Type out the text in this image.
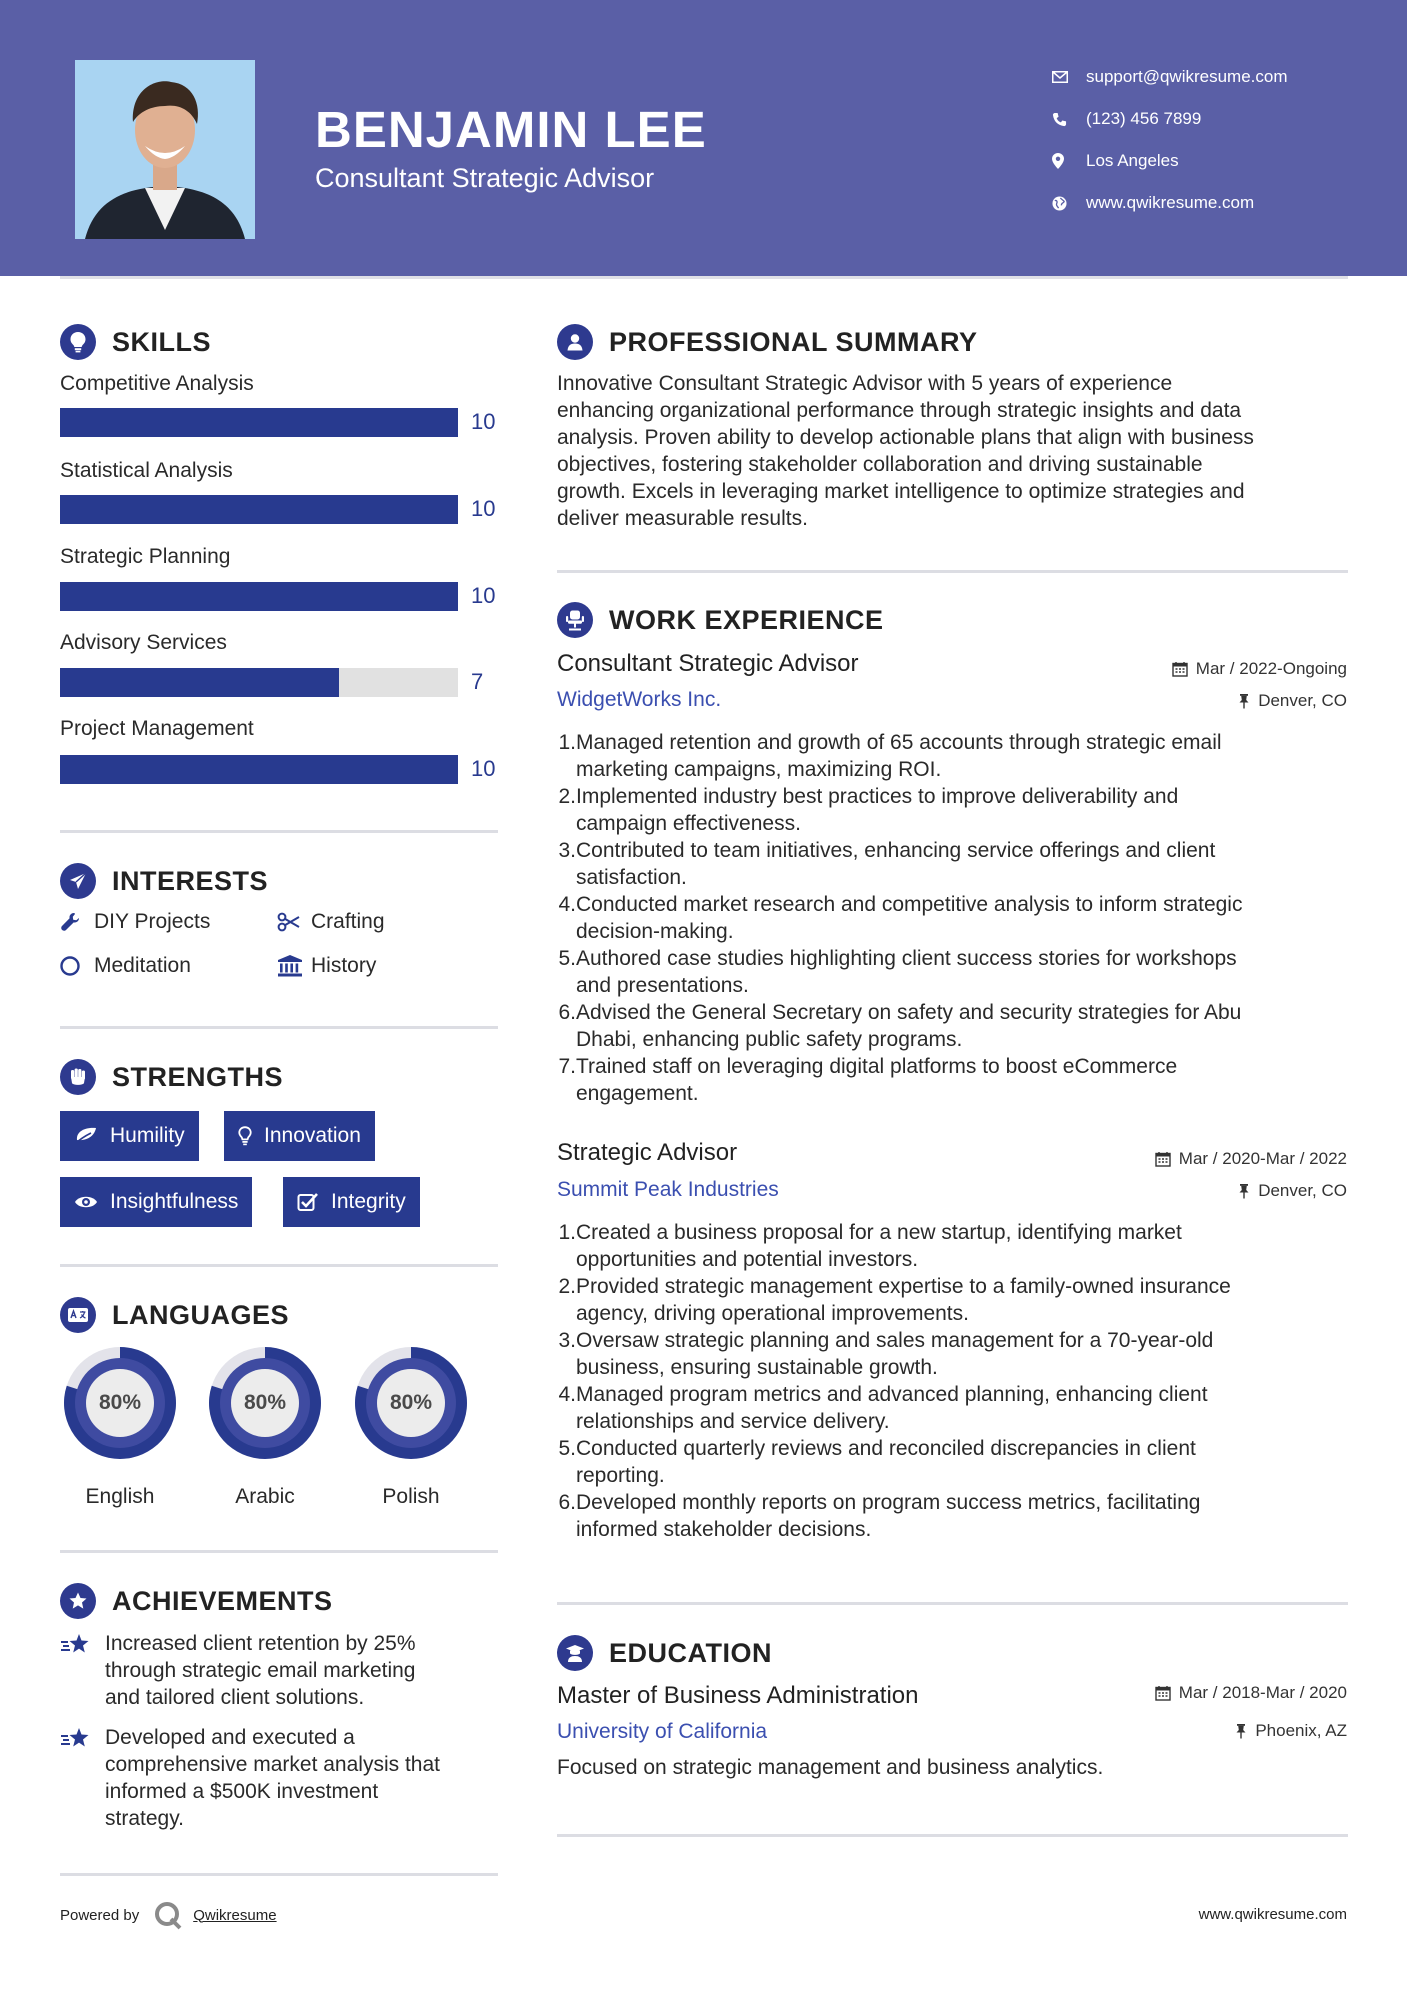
BENJAMIN LEE
Consultant Strategic Advisor
support@qwikresume.com
(123) 456 7899
Los Angeles
www.qwikresume.com
SKILLS
Competitive Analysis
10
Statistical Analysis
10
Strategic Planning
10
Advisory Services
7
Project Management
10
INTERESTS
DIY Projects	Crafting
Meditation	History
STRENGTHS
Humility	Innovation
Insightfulness	Integrity
LANGUAGES
80%
English
80%
Arabic
80%
Polish
ACHIEVEMENTS
Increased client retention by 25%
through strategic email marketing
and tailored client solutions.
Developed and executed a
comprehensive market analysis that
informed a $500K investment
strategy.
PROFESSIONAL SUMMARY
Innovative Consultant Strategic Advisor with 5 years of experience
enhancing organizational performance through strategic insights and data
analysis. Proven ability to develop actionable plans that align with business
objectives, fostering stakeholder collaboration and driving sustainable
growth. Excels in leveraging market intelligence to optimize strategies and
deliver measurable results.
WORK EXPERIENCE
Consultant Strategic Advisor	Mar / 2022-Ongoing
WidgetWorks Inc.	Denver, CO
1. Managed retention and growth of 65 accounts through strategic email
marketing campaigns, maximizing ROI.
2. Implemented industry best practices to improve deliverability and
campaign effectiveness.
3. Contributed to team initiatives, enhancing service offerings and client
satisfaction.
4. Conducted market research and competitive analysis to inform strategic
decision-making.
5. Authored case studies highlighting client success stories for workshops
and presentations.
6. Advised the General Secretary on safety and security strategies for Abu
Dhabi, enhancing public safety programs.
7. Trained staff on leveraging digital platforms to boost eCommerce
engagement.
Strategic Advisor	Mar / 2020-Mar / 2022
Summit Peak Industries	Denver, CO
1. Created a business proposal for a new startup, identifying market
opportunities and potential investors.
2. Provided strategic management expertise to a family-owned insurance
agency, driving operational improvements.
3. Oversaw strategic planning and sales management for a 70-year-old
business, ensuring sustainable growth.
4. Managed program metrics and advanced planning, enhancing client
relationships and service delivery.
5. Conducted quarterly reviews and reconciled discrepancies in client
reporting.
6. Developed monthly reports on program success metrics, facilitating
informed stakeholder decisions.
EDUCATION
Master of Business Administration	Mar / 2018-Mar / 2020
University of California	Phoenix, AZ
Focused on strategic management and business analytics.
Powered by	Qwikresume	www.qwikresume.com
